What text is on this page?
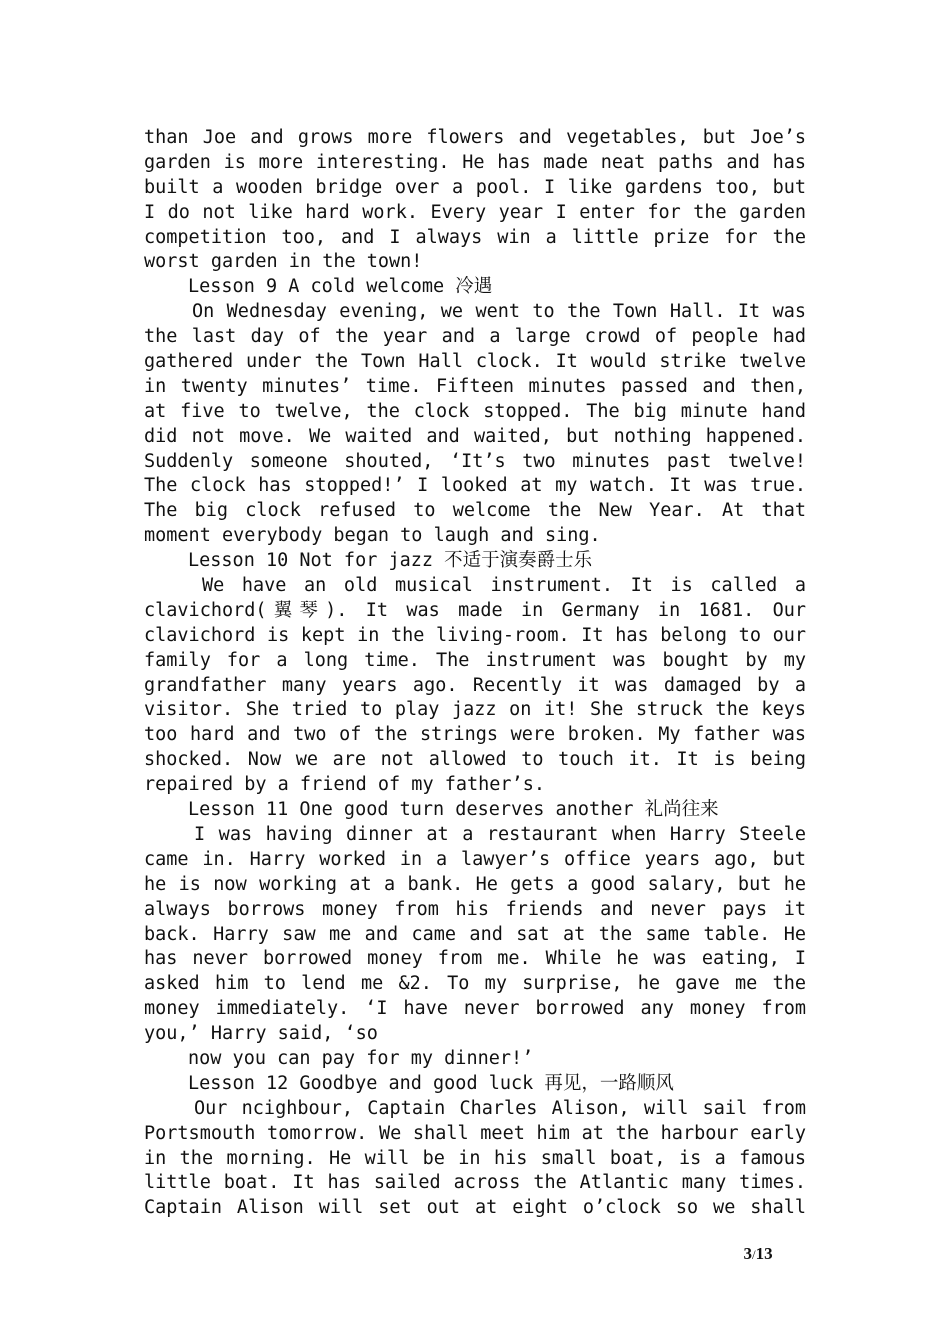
than Joe and grows more flowers and vegetables, but Joe’s
garden is more interesting. He has made neat paths and has
built a wooden bridge over a pool. I like gardens too, but
I do not like hard work. Every year I enter for the garden
competition too, and I always win a little prize for the
worst garden in the town!
Lesson 9 A cold welcome 冷遇
On Wednesday evening, we went to the Town Hall. It was
the last day of the year and a large crowd of people had
gathered under the Town Hall clock. It would strike twelve
in twenty minutes’ time. Fifteen minutes passed and then,
at five to twelve, the clock stopped. The big minute hand
did not move. We waited and waited, but nothing happened.
Suddenly someone shouted, ‘It’s two minutes past twelve!
The clock has stopped!’ I looked at my watch. It was true.
The big clock refused to welcome the New Year. At that
moment everybody began to laugh and sing.
Lesson 10 Not for jazz 不适于演奏爵士乐
We have an old musical instrument. It is called a
clavichord(翼琴). It was made in Germany in 1681. Our
clavichord is kept in the living-room. It has belong to our
family for a long time. The instrument was bought by my
grandfather many years ago. Recently it was damaged by a
visitor. She tried to play jazz on it! She struck the keys
too hard and two of the strings were broken. My father was
shocked. Now we are not allowed to touch it. It is being
repaired by a friend of my father’s.
Lesson 11 One good turn deserves another 礼尚往来
I was having dinner at a restaurant when Harry Steele
came in. Harry worked in a lawyer’s office years ago, but
he is now working at a bank. He gets a good salary, but he
always borrows money from his friends and never pays it
back. Harry saw me and came and sat at the same table. He
has never borrowed money from me. While he was eating, I
asked him to lend me &2. To my surprise, he gave me the
money immediately. ‘I have never borrowed any money from
you,’ Harry said, ‘so
now you can pay for my dinner!’
Lesson 12 Goodbye and good luck 再见，一路顺风
Our ncighbour, Captain Charles Alison, will sail from
Portsmouth tomorrow. We shall meet him at the harbour early
in the morning. He will be in his small boat, is a famous
little boat. It has sailed across the Atlantic many times.
Captain Alison will set out at eight o’clock so we shall
3/13
